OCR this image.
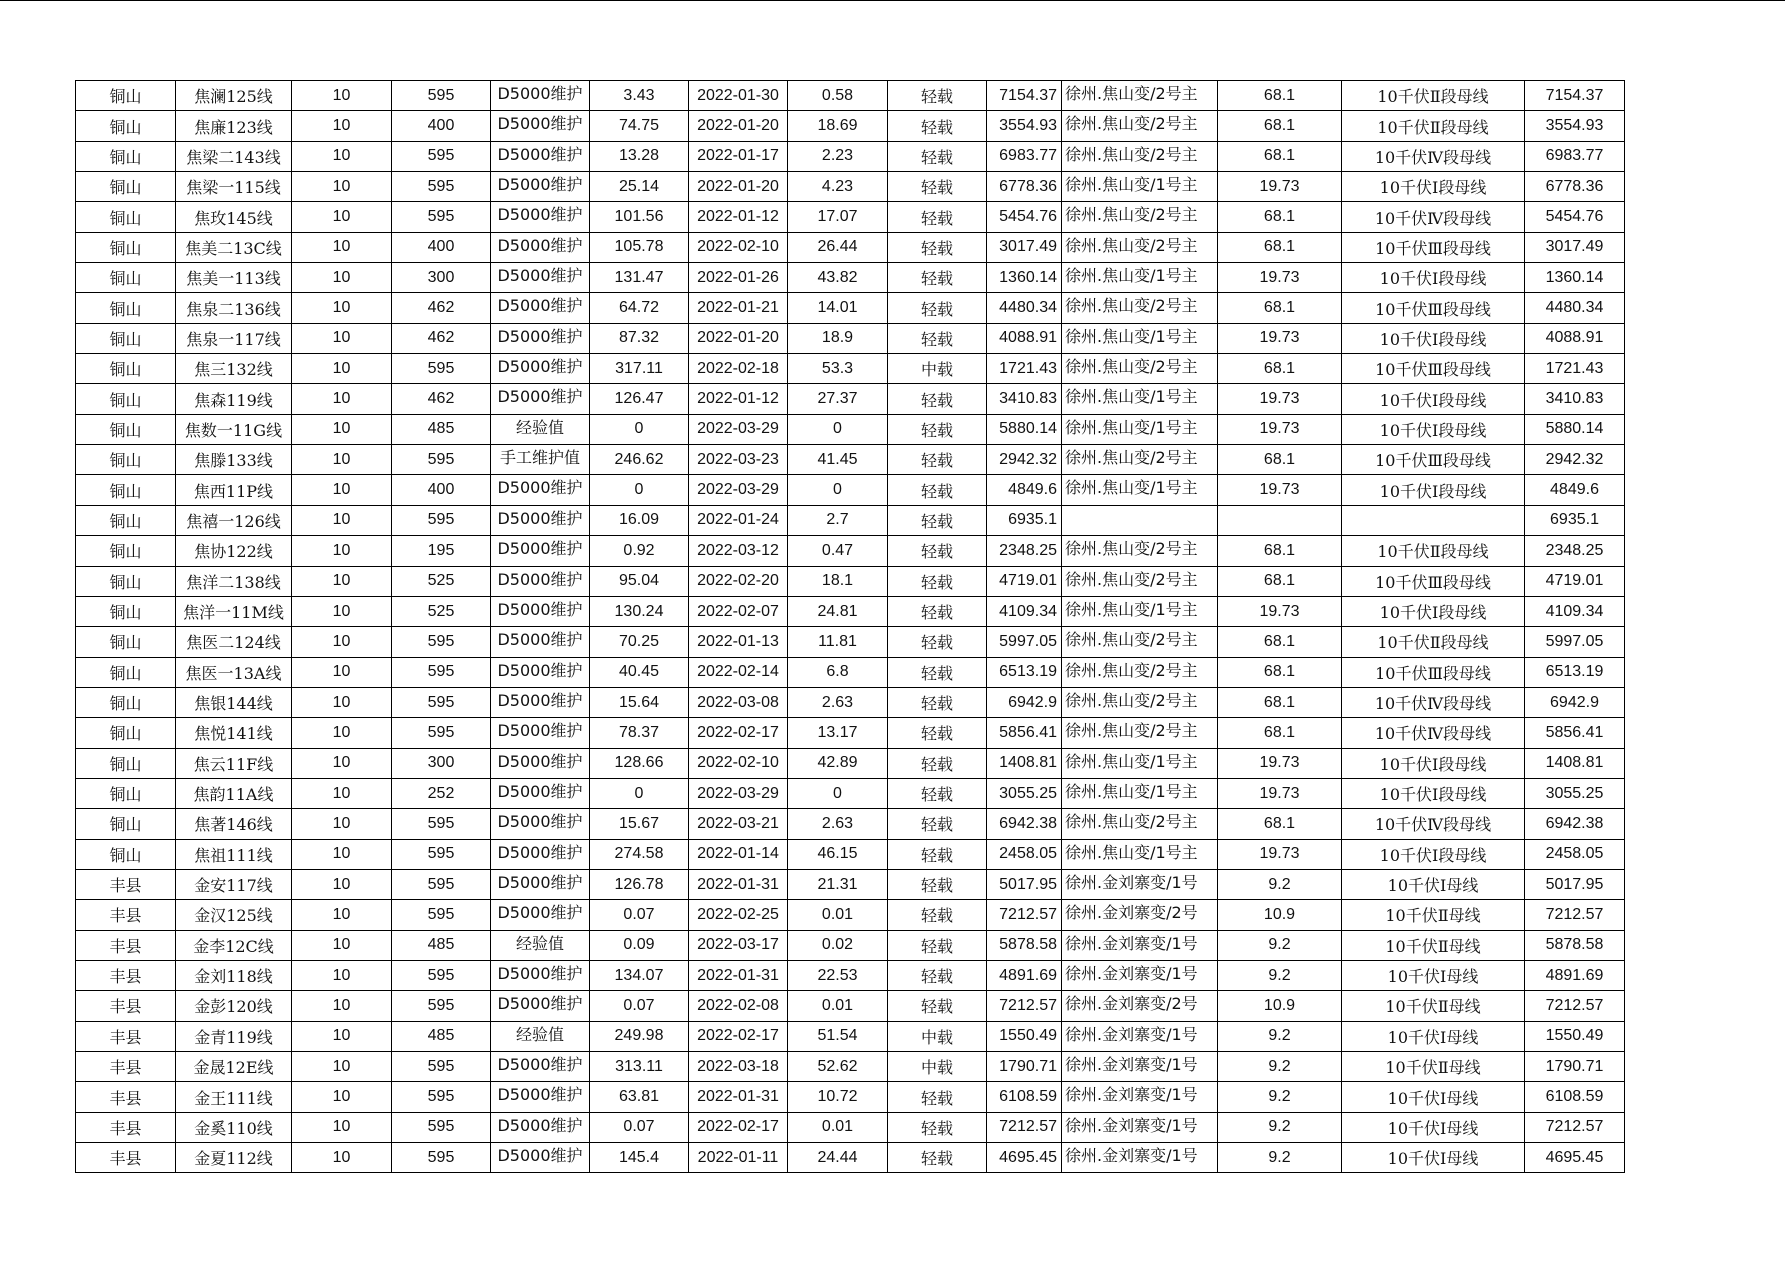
铜山	焦澜125线	10	595	D5000维护	3.43	2022-01-30	0.58	轻载	7154.37	徐州.焦山变/2号主	68.1	10千伏Ⅱ段母线	7154.37
铜山	焦廉123线	10	400	D5000维护	74.75	2022-01-20	18.69	轻载	3554.93	徐州.焦山变/2号主	68.1	10千伏Ⅱ段母线	3554.93
铜山	焦梁二143线	10	595	D5000维护	13.28	2022-01-17	2.23	轻载	6983.77	徐州.焦山变/2号主	68.1	10千伏Ⅳ段母线	6983.77
铜山	焦梁一115线	10	595	D5000维护	25.14	2022-01-20	4.23	轻载	6778.36	徐州.焦山变/1号主	19.73	10千伏Ⅰ段母线	6778.36
铜山	焦玫145线	10	595	D5000维护	101.56	2022-01-12	17.07	轻载	5454.76	徐州.焦山变/2号主	68.1	10千伏Ⅳ段母线	5454.76
铜山	焦美二13C线	10	400	D5000维护	105.78	2022-02-10	26.44	轻载	3017.49	徐州.焦山变/2号主	68.1	10千伏Ⅲ段母线	3017.49
铜山	焦美一113线	10	300	D5000维护	131.47	2022-01-26	43.82	轻载	1360.14	徐州.焦山变/1号主	19.73	10千伏Ⅰ段母线	1360.14
铜山	焦泉二136线	10	462	D5000维护	64.72	2022-01-21	14.01	轻载	4480.34	徐州.焦山变/2号主	68.1	10千伏Ⅲ段母线	4480.34
铜山	焦泉一117线	10	462	D5000维护	87.32	2022-01-20	18.9	轻载	4088.91	徐州.焦山变/1号主	19.73	10千伏Ⅰ段母线	4088.91
铜山	焦三132线	10	595	D5000维护	317.11	2022-02-18	53.3	中载	1721.43	徐州.焦山变/2号主	68.1	10千伏Ⅲ段母线	1721.43
铜山	焦森119线	10	462	D5000维护	126.47	2022-01-12	27.37	轻载	3410.83	徐州.焦山变/1号主	19.73	10千伏Ⅰ段母线	3410.83
铜山	焦数一11G线	10	485	经验值	0	2022-03-29	0	轻载	5880.14	徐州.焦山变/1号主	19.73	10千伏Ⅰ段母线	5880.14
铜山	焦滕133线	10	595	手工维护值	246.62	2022-03-23	41.45	轻载	2942.32	徐州.焦山变/2号主	68.1	10千伏Ⅲ段母线	2942.32
铜山	焦西11P线	10	400	D5000维护	0	2022-03-29	0	轻载	4849.6	徐州.焦山变/1号主	19.73	10千伏Ⅰ段母线	4849.6
铜山	焦禧一126线	10	595	D5000维护	16.09	2022-01-24	2.7	轻载	6935.1				6935.1
铜山	焦协122线	10	195	D5000维护	0.92	2022-03-12	0.47	轻载	2348.25	徐州.焦山变/2号主	68.1	10千伏Ⅱ段母线	2348.25
铜山	焦洋二138线	10	525	D5000维护	95.04	2022-02-20	18.1	轻载	4719.01	徐州.焦山变/2号主	68.1	10千伏Ⅲ段母线	4719.01
铜山	焦洋一11M线	10	525	D5000维护	130.24	2022-02-07	24.81	轻载	4109.34	徐州.焦山变/1号主	19.73	10千伏Ⅰ段母线	4109.34
铜山	焦医二124线	10	595	D5000维护	70.25	2022-01-13	11.81	轻载	5997.05	徐州.焦山变/2号主	68.1	10千伏Ⅱ段母线	5997.05
铜山	焦医一13A线	10	595	D5000维护	40.45	2022-02-14	6.8	轻载	6513.19	徐州.焦山变/2号主	68.1	10千伏Ⅲ段母线	6513.19
铜山	焦银144线	10	595	D5000维护	15.64	2022-03-08	2.63	轻载	6942.9	徐州.焦山变/2号主	68.1	10千伏Ⅳ段母线	6942.9
铜山	焦悦141线	10	595	D5000维护	78.37	2022-02-17	13.17	轻载	5856.41	徐州.焦山变/2号主	68.1	10千伏Ⅳ段母线	5856.41
铜山	焦云11F线	10	300	D5000维护	128.66	2022-02-10	42.89	轻载	1408.81	徐州.焦山变/1号主	19.73	10千伏Ⅰ段母线	1408.81
铜山	焦韵11A线	10	252	D5000维护	0	2022-03-29	0	轻载	3055.25	徐州.焦山变/1号主	19.73	10千伏Ⅰ段母线	3055.25
铜山	焦著146线	10	595	D5000维护	15.67	2022-03-21	2.63	轻载	6942.38	徐州.焦山变/2号主	68.1	10千伏Ⅳ段母线	6942.38
铜山	焦祖111线	10	595	D5000维护	274.58	2022-01-14	46.15	轻载	2458.05	徐州.焦山变/1号主	19.73	10千伏Ⅰ段母线	2458.05
丰县	金安117线	10	595	D5000维护	126.78	2022-01-31	21.31	轻载	5017.95	徐州.金刘寨变/1号	9.2	10千伏Ⅰ母线	5017.95
丰县	金汉125线	10	595	D5000维护	0.07	2022-02-25	0.01	轻载	7212.57	徐州.金刘寨变/2号	10.9	10千伏Ⅱ母线	7212.57
丰县	金李12C线	10	485	经验值	0.09	2022-03-17	0.02	轻载	5878.58	徐州.金刘寨变/1号	9.2	10千伏Ⅱ母线	5878.58
丰县	金刘118线	10	595	D5000维护	134.07	2022-01-31	22.53	轻载	4891.69	徐州.金刘寨变/1号	9.2	10千伏Ⅰ母线	4891.69
丰县	金彭120线	10	595	D5000维护	0.07	2022-02-08	0.01	轻载	7212.57	徐州.金刘寨变/2号	10.9	10千伏Ⅱ母线	7212.57
丰县	金青119线	10	485	经验值	249.98	2022-02-17	51.54	中载	1550.49	徐州.金刘寨变/1号	9.2	10千伏Ⅰ母线	1550.49
丰县	金晟12E线	10	595	D5000维护	313.11	2022-03-18	52.62	中载	1790.71	徐州.金刘寨变/1号	9.2	10千伏Ⅱ母线	1790.71
丰县	金王111线	10	595	D5000维护	63.81	2022-01-31	10.72	轻载	6108.59	徐州.金刘寨变/1号	9.2	10千伏Ⅰ母线	6108.59
丰县	金奚110线	10	595	D5000维护	0.07	2022-02-17	0.01	轻载	7212.57	徐州.金刘寨变/1号	9.2	10千伏Ⅰ母线	7212.57
丰县	金夏112线	10	595	D5000维护	145.4	2022-01-11	24.44	轻载	4695.45	徐州.金刘寨变/1号	9.2	10千伏Ⅰ母线	4695.45
